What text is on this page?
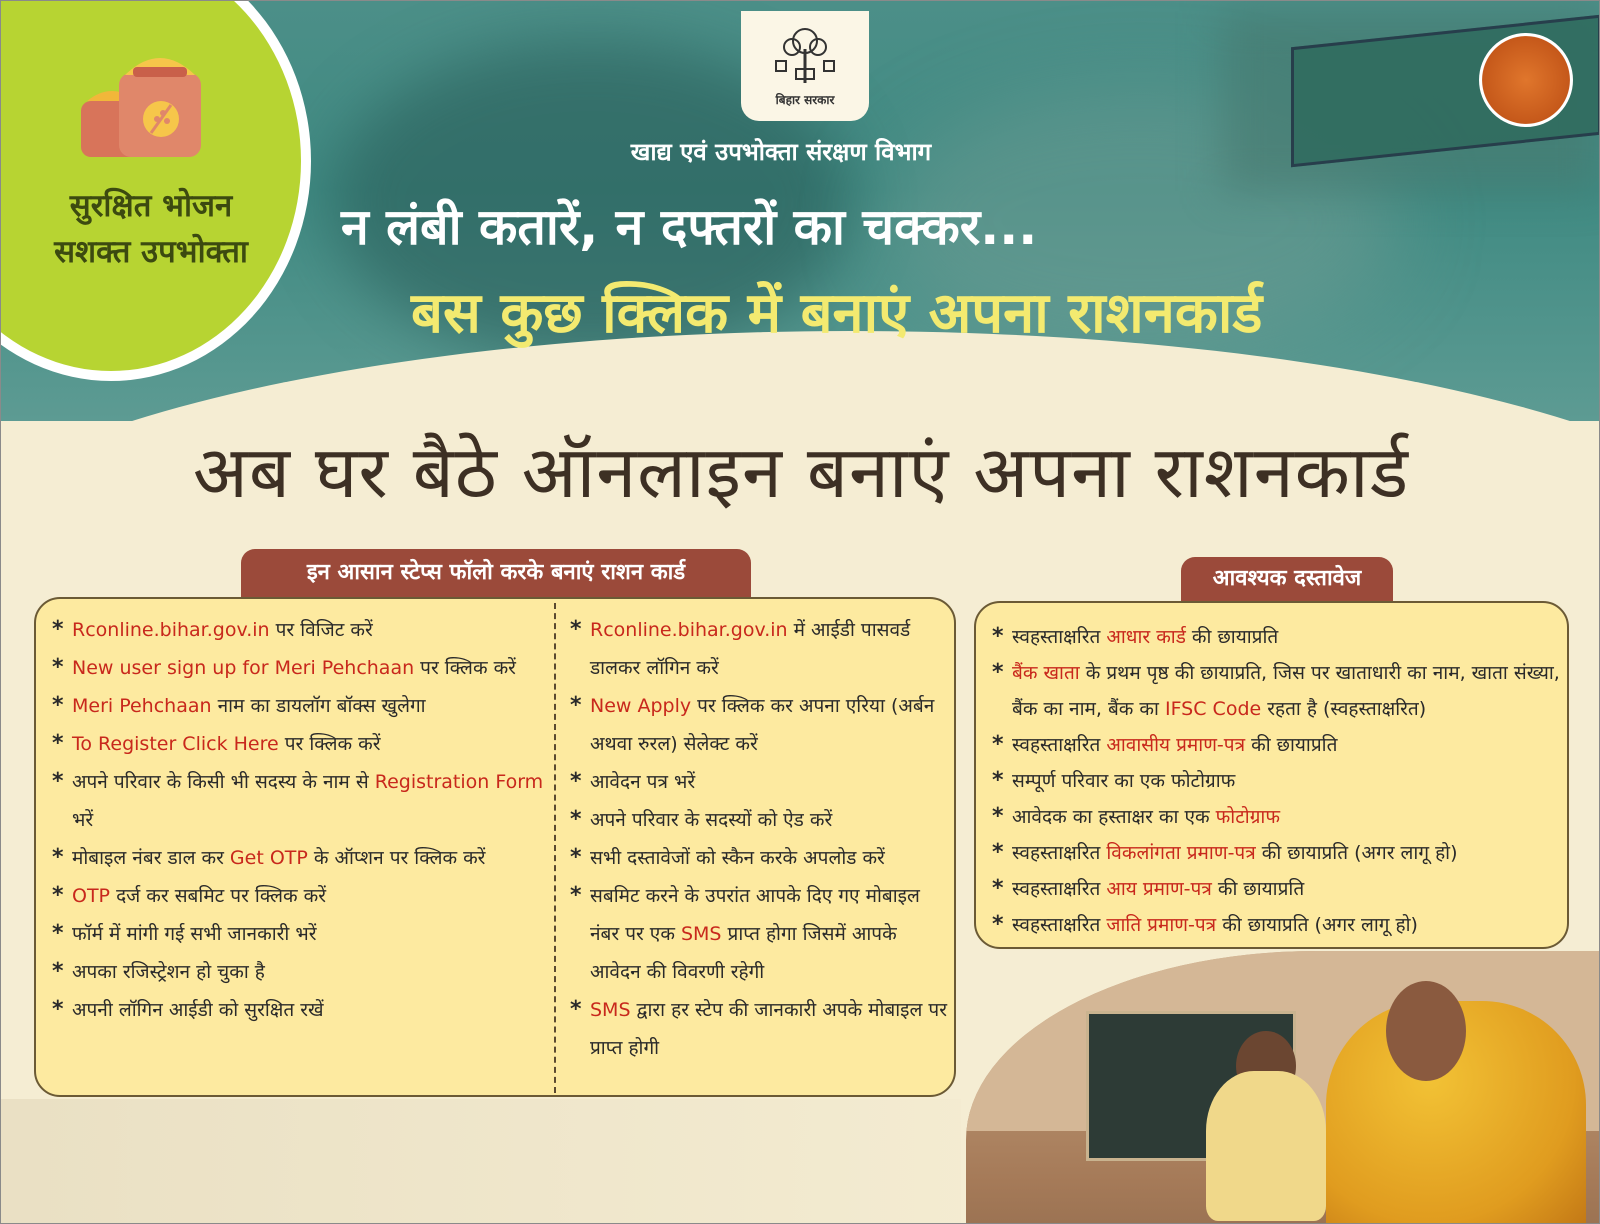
सुरक्षित भोजन
सशक्त उपभोक्ता
बिहार सरकार
खाद्य एवं उपभोक्ता संरक्षण विभाग
न लंबी कतारें, न दफ्तरों का चक्कर...
बस कुछ क्लिक में बनाएं अपना राशनकार्ड
अब घर बैठे ऑनलाइन बनाएं अपना राशनकार्ड
इन आसान स्टेप्स फॉलो करके बनाएं राशन कार्ड	आवश्यक दस्तावेज
* Rconline.bihar.gov.in पर विजिट करें
* New user sign up for Meri Pehchaan पर क्लिक करें
* Meri Pehchaan नाम का डायलॉग बॉक्स खुलेगा
* To Register Click Here पर क्लिक करें
* अपने परिवार के किसी भी सदस्य के नाम से Registration Form भरें
* मोबाइल नंबर डाल कर Get OTP के ऑप्शन पर क्लिक करें
* OTP दर्ज कर सबमिट पर क्लिक करें
* फॉर्म में मांगी गई सभी जानकारी भरें
* अपका रजिस्ट्रेशन हो चुका है
* अपनी लॉगिन आईडी को सुरक्षित रखें
* Rconline.bihar.gov.in में आईडी पासवर्ड डालकर लॉगिन करें
* New Apply पर क्लिक कर अपना एरिया (अर्बन अथवा रुरल) सेलेक्ट करें
* आवेदन पत्र भरें
* अपने परिवार के सदस्यों को ऐड करें
* सभी दस्तावेजों को स्कैन करके अपलोड करें
* सबमिट करने के उपरांत आपके दिए गए मोबाइल नंबर पर एक SMS प्राप्त होगा जिसमें आपके आवेदन की विवरणी रहेगी
* SMS द्वारा हर स्टेप की जानकारी अपके मोबाइल पर प्राप्त होगी
* स्वहस्ताक्षरित आधार कार्ड की छायाप्रति
* बैंक खाता के प्रथम पृष्ठ की छायाप्रति, जिस पर खाताधारी का नाम, खाता संख्या, बैंक का नाम, बैंक का IFSC Code रहता है (स्वहस्ताक्षरित)
* स्वहस्ताक्षरित आवासीय प्रमाण-पत्र की छायाप्रति
* सम्पूर्ण परिवार का एक फोटोग्राफ
* आवेदक का हस्ताक्षर का एक फोटोग्राफ
* स्वहस्ताक्षरित विकलांगता प्रमाण-पत्र की छायाप्रति (अगर लागू हो)
* स्वहस्ताक्षरित आय प्रमाण-पत्र की छायाप्रति
* स्वहस्ताक्षरित जाति प्रमाण-पत्र की छायाप्रति (अगर लागू हो)
